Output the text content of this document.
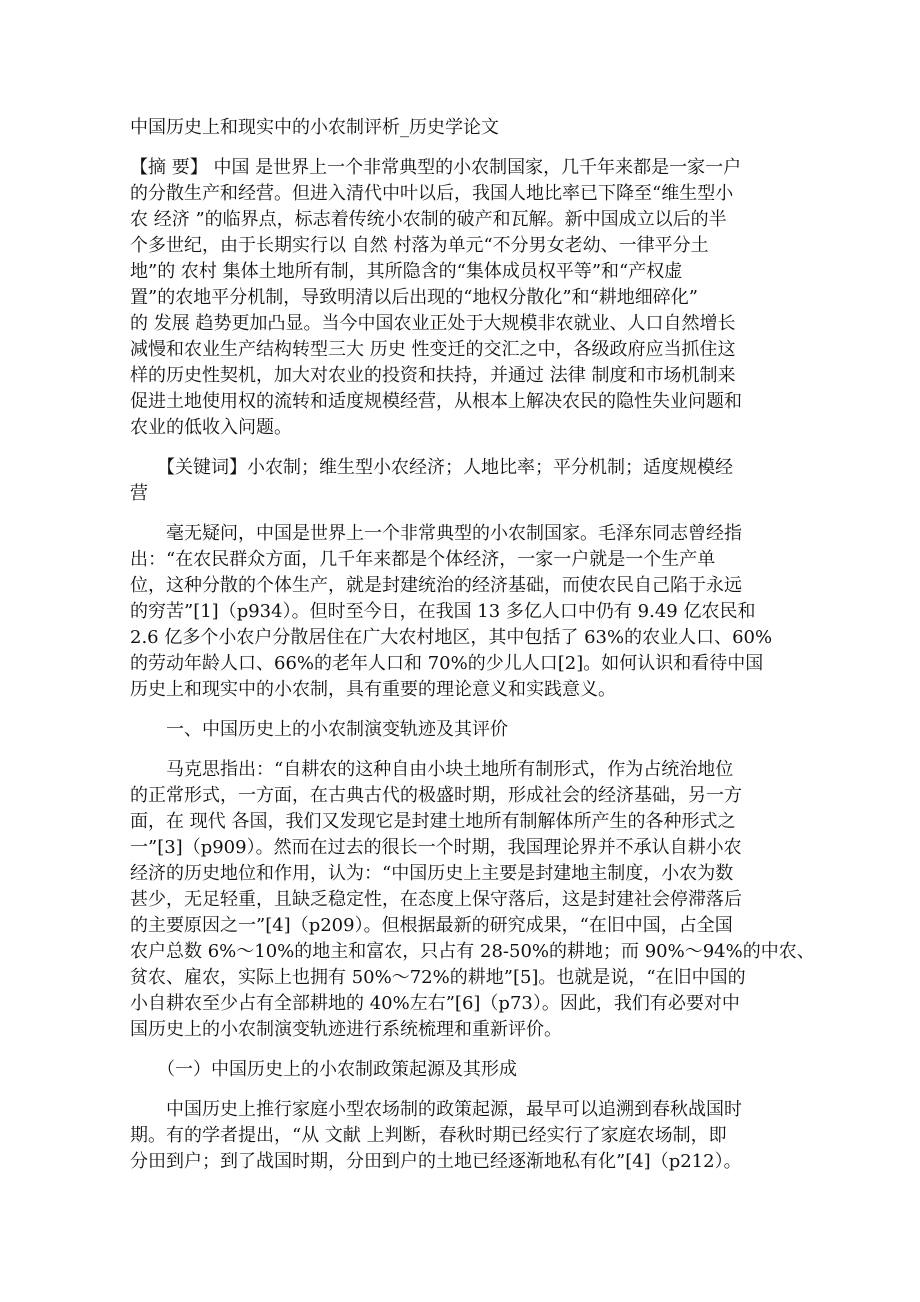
中国历史上和现实中的小农制评析_历史学论文
【摘 要】 中国 是世界上一个非常典型的小农制国家，几千年来都是一家一户
的分散生产和经营。但进入清代中叶以后，我国人地比率已下降至“维生型小
农 经济 ”的临界点，标志着传统小农制的破产和瓦解。新中国成立以后的半
个多世纪，由于长期实行以 自然 村落为单元“不分男女老幼、一律平分土
地”的 农村 集体土地所有制，其所隐含的“集体成员权平等”和“产权虚
置”的农地平分机制，导致明清以后出现的“地权分散化”和“耕地细碎化”
的 发展 趋势更加凸显。当今中国农业正处于大规模非农就业、人口自然增长
减慢和农业生产结构转型三大 历史 性变迁的交汇之中，各级政府应当抓住这
样的历史性契机，加大对农业的投资和扶持，并通过 法律 制度和市场机制来
促进土地使用权的流转和适度规模经营，从根本上解决农民的隐性失业问题和
农业的低收入问题。
　　【关键词】小农制；维生型小农经济；人地比率；平分机制；适度规模经
营
　　毫无疑问，中国是世界上一个非常典型的小农制国家。毛泽东同志曾经指
出：“在农民群众方面，几千年来都是个体经济，一家一户就是一个生产单
位，这种分散的个体生产，就是封建统治的经济基础，而使农民自己陷于永远
的穷苦”[1]（p934）。但时至今日，在我国 13 多亿人口中仍有 9.49 亿农民和
2.6 亿多个小农户分散居住在广大农村地区，其中包括了 63%的农业人口、60%
的劳动年龄人口、66%的老年人口和 70%的少儿人口[2]。如何认识和看待中国
历史上和现实中的小农制，具有重要的理论意义和实践意义。
　　一、中国历史上的小农制演变轨迹及其评价
　　马克思指出：“自耕农的这种自由小块土地所有制形式，作为占统治地位
的正常形式，一方面，在古典古代的极盛时期，形成社会的经济基础，另一方
面，在 现代 各国，我们又发现它是封建土地所有制解体所产生的各种形式之
一”[3]（p909）。然而在过去的很长一个时期，我国理论界并不承认自耕小农
经济的历史地位和作用，认为：“中国历史上主要是封建地主制度，小农为数
甚少，无足轻重，且缺乏稳定性，在态度上保守落后，这是封建社会停滞落后
的主要原因之一”[4]（p209）。但根据最新的研究成果，“在旧中国，占全国
农户总数 6%～10%的地主和富农，只占有 28-50%的耕地；而 90%～94%的中农、
贫农、雇农，实际上也拥有 50%～72%的耕地”[5]。也就是说，“在旧中国的
小自耕农至少占有全部耕地的 40%左右”[6]（p73）。因此，我们有必要对中
国历史上的小农制演变轨迹进行系统梳理和重新评价。
　　（一）中国历史上的小农制政策起源及其形成
　　中国历史上推行家庭小型农场制的政策起源，最早可以追溯到春秋战国时
期。有的学者提出，“从 文献 上判断，春秋时期已经实行了家庭农场制，即
分田到户；到了战国时期，分田到户的土地已经逐渐地私有化”[4]（p212）。
